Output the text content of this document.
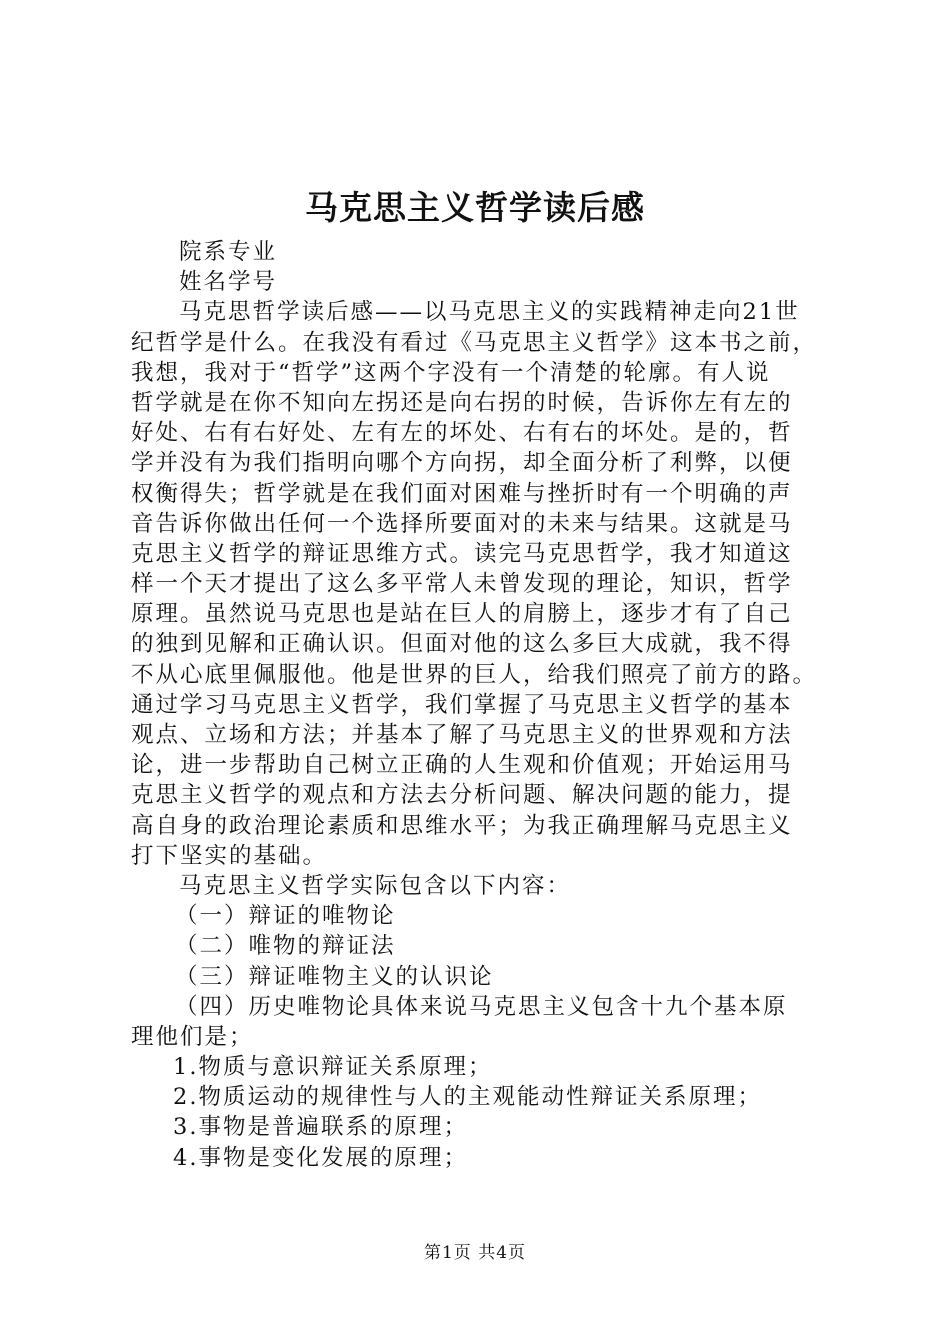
马克思主义哲学读后感
院系专业
姓名学号
马克思哲学读后感——以马克思主义的实践精神走向21世
纪哲学是什么。在我没有看过《马克思主义哲学》这本书之前，
我想，我对于“哲学”这两个字没有一个清楚的轮廓。有人说
哲学就是在你不知向左拐还是向右拐的时候，告诉你左有左的
好处、右有右好处、左有左的坏处、右有右的坏处。是的，哲
学并没有为我们指明向哪个方向拐，却全面分析了利弊，以便
权衡得失；哲学就是在我们面对困难与挫折时有一个明确的声
音告诉你做出任何一个选择所要面对的未来与结果。这就是马
克思主义哲学的辩证思维方式。读完马克思哲学，我才知道这
样一个天才提出了这么多平常人未曾发现的理论，知识，哲学
原理。虽然说马克思也是站在巨人的肩膀上，逐步才有了自己
的独到见解和正确认识。但面对他的这么多巨大成就，我不得
不从心底里佩服他。他是世界的巨人，给我们照亮了前方的路。
通过学习马克思主义哲学，我们掌握了马克思主义哲学的基本
观点、立场和方法；并基本了解了马克思主义的世界观和方法
论，进一步帮助自己树立正确的人生观和价值观；开始运用马
克思主义哲学的观点和方法去分析问题、解决问题的能力，提
高自身的政治理论素质和思维水平；为我正确理解马克思主义
打下坚实的基础。
马克思主义哲学实际包含以下内容：
（一）辩证的唯物论
（二）唯物的辩证法
（三）辩证唯物主义的认识论
（四）历史唯物论具体来说马克思主义包含十九个基本原
理他们是；
1.物质与意识辩证关系原理；
2.物质运动的规律性与人的主观能动性辩证关系原理；
3.事物是普遍联系的原理；
4.事物是变化发展的原理；
第1页 共4页
